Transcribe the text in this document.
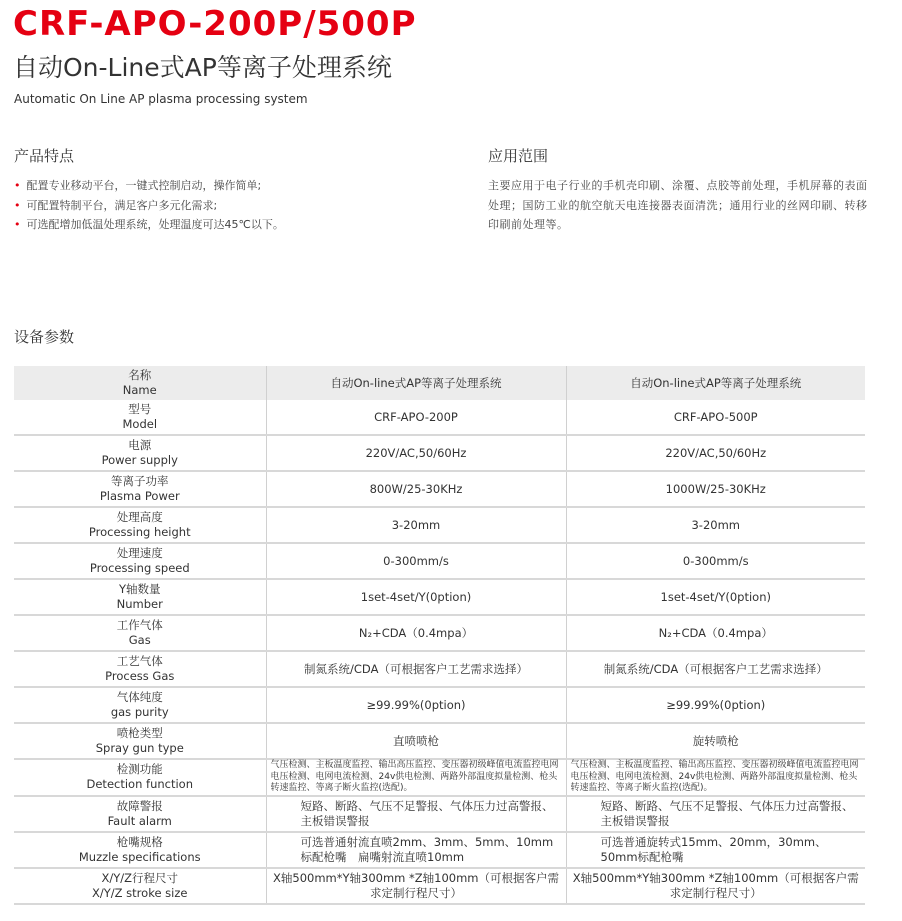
CRF-APO-200P/500P
自动On-Line式AP等离子处理系统
Automatic On Line AP plasma processing system
产品特点
• 配置专业移动平台，一键式控制启动，操作简单;
• 可配置特制平台，满足客户多元化需求;
• 可选配增加低温处理系统，处理温度可达45℃以下。
应用范围
主要应用于电子行业的手机壳印刷、涂覆、点胶等前处理，手机屏幕的表面处理；国防工业的航空航天电连接器表面清洗；通用行业的丝网印刷、转移印刷前处理等。
设备参数
名称
Name	自动On-line式AP等离子处理系统	自动On-line式AP等离子处理系统

型号
Model	CRF-APO-200P	CRF-APO-500P

电源
Power supply	220V/AC,50/60Hz	220V/AC,50/60Hz

等离子功率
Plasma Power	800W/25-30KHz	1000W/25-30KHz

处理高度
Processing height	3-20mm	3-20mm

处理速度
Processing speed	0-300mm/s	0-300mm/s

Y轴数量
Number	1set-4set/Y(0ption)	1set-4set/Y(0ption)

工作气体
Gas	N₂+CDA（0.4mpa）	N₂+CDA（0.4mpa）

工艺气体
Process Gas	制氮系统/CDA（可根据客户工艺需求选择）	制氮系统/CDA（可根据客户工艺需求选择）

气体纯度
gas purity	≥99.99%(0ption)	≥99.99%(0ption)

喷枪类型
Spray gun type	直喷喷枪	旋转喷枪

检测功能
Detection function	气压检测、主板温度监控、输出高压监控、变压器初级峰值电流监控电网电压检测、电网电流检测、24v供电检测、两路外部温度拟量检测、枪头转速监控、等离子断火监控(选配)。	气压检测、主板温度监控、输出高压监控、变压器初级峰值电流监控电网电压检测、电网电流检测、24v供电检测、两路外部温度拟量检测、枪头转速监控、等离子断火监控(选配)。

故障警报
Fault alarm	短路、断路、气压不足警报、气体压力过高警报、主板错误警报	短路、断路、气压不足警报、气体压力过高警报、主板错误警报

枪嘴规格
Muzzle specifications	可选普通射流直喷2mm、3mm、5mm、10mm标配枪嘴　扁嘴射流直喷10mm	可选普通旋转式15mm、20mm，30mm、50mm标配枪嘴

X/Y/Z行程尺寸
X/Y/Z stroke size	X轴500mm*Y轴300mm *Z轴100mm（可根据客户需求定制行程尺寸）	X轴500mm*Y轴300mm *Z轴100mm（可根据客户需求定制行程尺寸）
